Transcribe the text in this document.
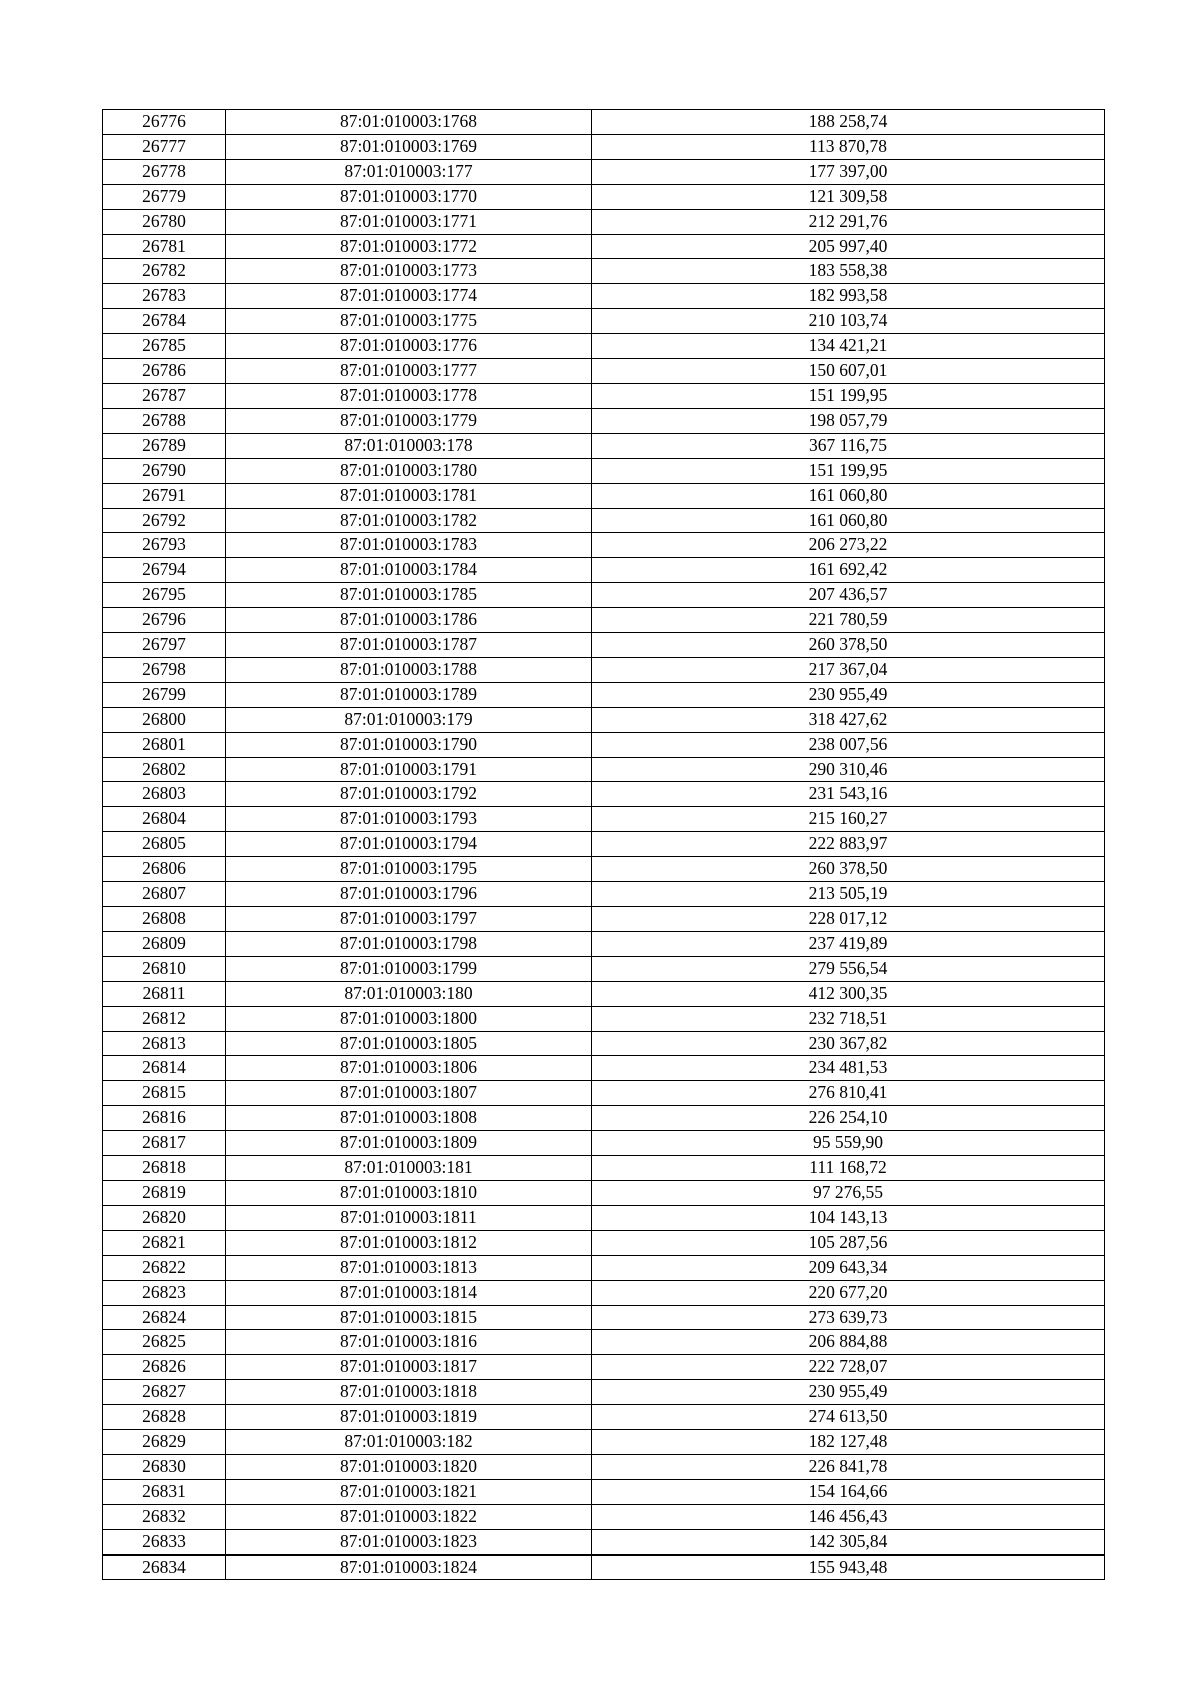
26776	87:01:010003:1768	188 258,74
26777	87:01:010003:1769	113 870,78
26778	87:01:010003:177	177 397,00
26779	87:01:010003:1770	121 309,58
26780	87:01:010003:1771	212 291,76
26781	87:01:010003:1772	205 997,40
26782	87:01:010003:1773	183 558,38
26783	87:01:010003:1774	182 993,58
26784	87:01:010003:1775	210 103,74
26785	87:01:010003:1776	134 421,21
26786	87:01:010003:1777	150 607,01
26787	87:01:010003:1778	151 199,95
26788	87:01:010003:1779	198 057,79
26789	87:01:010003:178	367 116,75
26790	87:01:010003:1780	151 199,95
26791	87:01:010003:1781	161 060,80
26792	87:01:010003:1782	161 060,80
26793	87:01:010003:1783	206 273,22
26794	87:01:010003:1784	161 692,42
26795	87:01:010003:1785	207 436,57
26796	87:01:010003:1786	221 780,59
26797	87:01:010003:1787	260 378,50
26798	87:01:010003:1788	217 367,04
26799	87:01:010003:1789	230 955,49
26800	87:01:010003:179	318 427,62
26801	87:01:010003:1790	238 007,56
26802	87:01:010003:1791	290 310,46
26803	87:01:010003:1792	231 543,16
26804	87:01:010003:1793	215 160,27
26805	87:01:010003:1794	222 883,97
26806	87:01:010003:1795	260 378,50
26807	87:01:010003:1796	213 505,19
26808	87:01:010003:1797	228 017,12
26809	87:01:010003:1798	237 419,89
26810	87:01:010003:1799	279 556,54
26811	87:01:010003:180	412 300,35
26812	87:01:010003:1800	232 718,51
26813	87:01:010003:1805	230 367,82
26814	87:01:010003:1806	234 481,53
26815	87:01:010003:1807	276 810,41
26816	87:01:010003:1808	226 254,10
26817	87:01:010003:1809	95 559,90
26818	87:01:010003:181	111 168,72
26819	87:01:010003:1810	97 276,55
26820	87:01:010003:1811	104 143,13
26821	87:01:010003:1812	105 287,56
26822	87:01:010003:1813	209 643,34
26823	87:01:010003:1814	220 677,20
26824	87:01:010003:1815	273 639,73
26825	87:01:010003:1816	206 884,88
26826	87:01:010003:1817	222 728,07
26827	87:01:010003:1818	230 955,49
26828	87:01:010003:1819	274 613,50
26829	87:01:010003:182	182 127,48
26830	87:01:010003:1820	226 841,78
26831	87:01:010003:1821	154 164,66
26832	87:01:010003:1822	146 456,43
26833	87:01:010003:1823	142 305,84
26834	87:01:010003:1824	155 943,48
